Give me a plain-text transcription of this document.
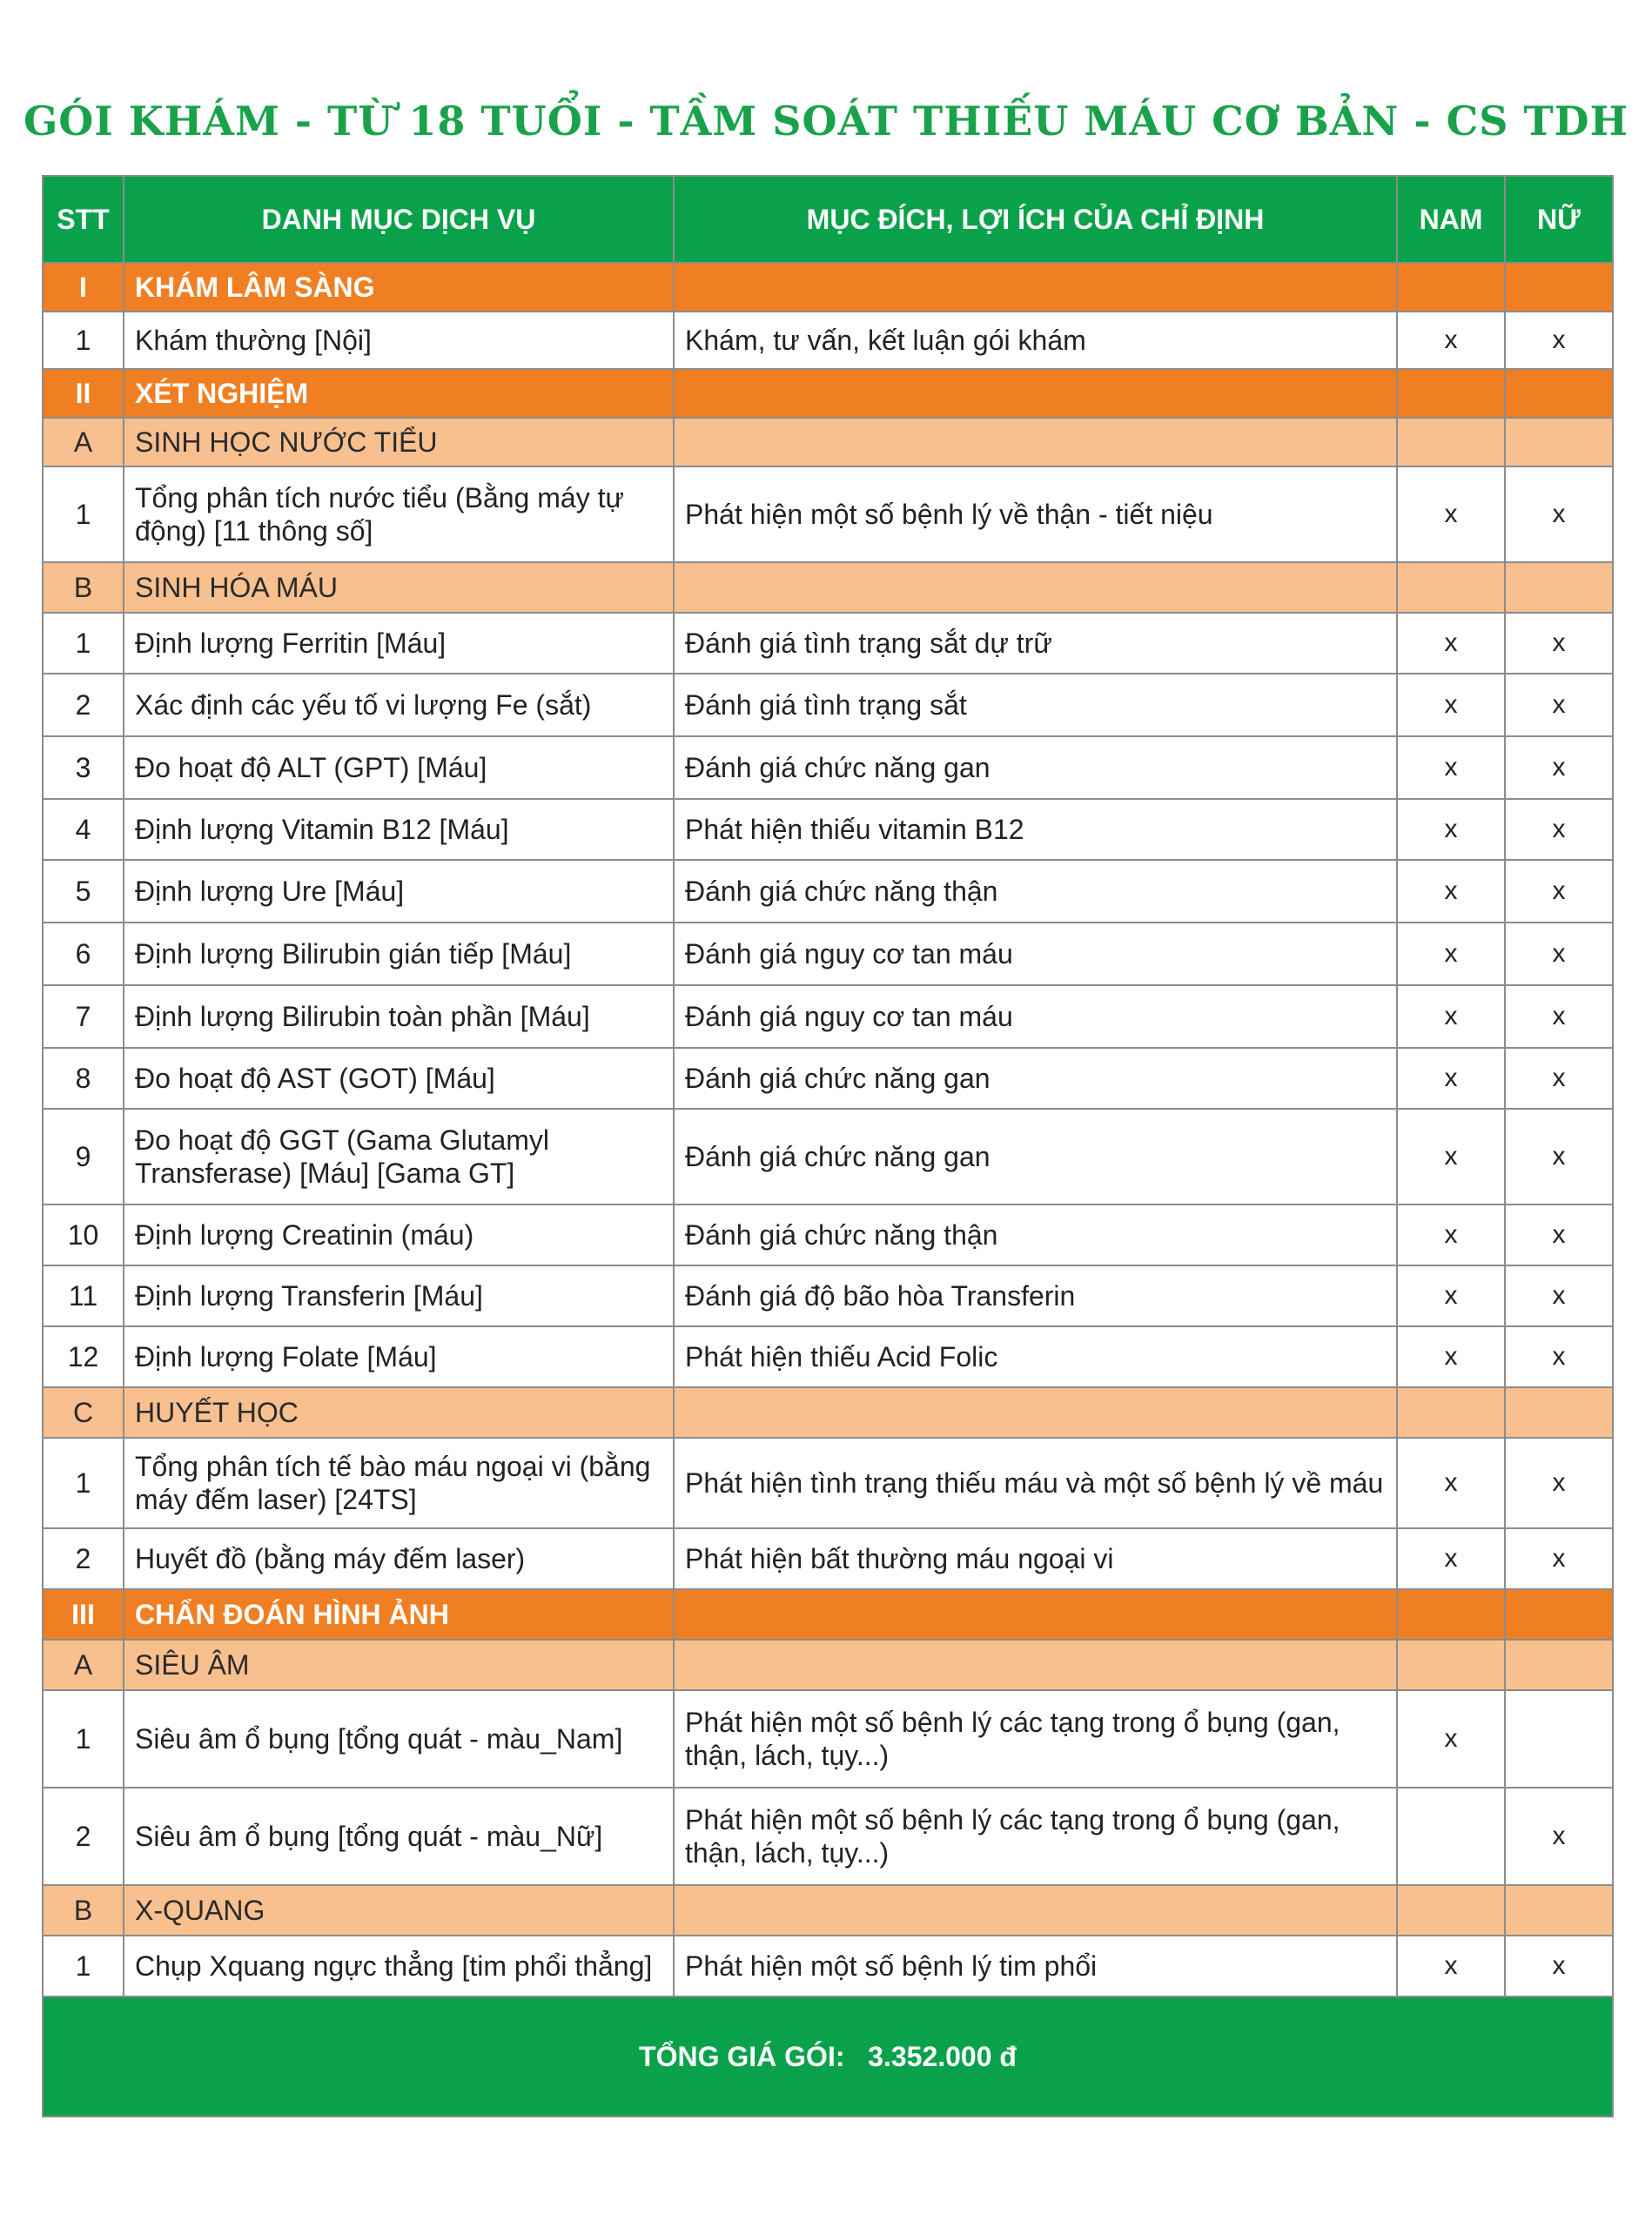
GÓI KHÁM - TỪ 18 TUỔI - TẦM SOÁT THIẾU MÁU CƠ BẢN - CS TDH
STT	DANH MỤC DỊCH VỤ	MỤC ĐÍCH, LỢI ÍCH CỦA CHỈ ĐỊNH	NAM	NỮ
I	KHÁM LÂM SÀNG			
1	Khám thường [Nội]	Khám, tư vấn, kết luận gói khám	x	x
II	XÉT NGHIỆM			
A	SINH HỌC NƯỚC TIỂU			
1	Tổng phân tích nước tiểu (Bằng máy tự động) [11 thông số]	Phát hiện một số bệnh lý về thận - tiết niệu	x	x
B	SINH HÓA MÁU			
1	Định lượng Ferritin [Máu]	Đánh giá tình trạng sắt dự trữ	x	x
2	Xác định các yếu tố vi lượng Fe (sắt)	Đánh giá tình trạng sắt	x	x
3	Đo hoạt độ ALT (GPT) [Máu]	Đánh giá chức năng gan	x	x
4	Định lượng Vitamin B12 [Máu]	Phát hiện thiếu vitamin B12	x	x
5	Định lượng Ure [Máu]	Đánh giá chức năng thận	x	x
6	Định lượng Bilirubin gián tiếp [Máu]	Đánh giá nguy cơ tan máu	x	x
7	Định lượng Bilirubin toàn phần [Máu]	Đánh giá nguy cơ tan máu	x	x
8	Đo hoạt độ AST (GOT) [Máu]	Đánh giá chức năng gan	x	x
9	Đo hoạt độ GGT (Gama Glutamyl Transferase) [Máu] [Gama GT]	Đánh giá chức năng gan	x	x
10	Định lượng Creatinin (máu)	Đánh giá chức năng thận	x	x
11	Định lượng Transferin [Máu]	Đánh giá độ bão hòa Transferin	x	x
12	Định lượng Folate [Máu]	Phát hiện thiếu Acid Folic	x	x
C	HUYẾT HỌC			
1	Tổng phân tích tế bào máu ngoại vi (bằng máy đếm laser) [24TS]	Phát hiện tình trạng thiếu máu và một số bệnh lý về máu	x	x
2	Huyết đồ (bằng máy đếm laser)	Phát hiện bất thường máu ngoại vi	x	x
III	CHẨN ĐOÁN HÌNH ẢNH			
A	SIÊU ÂM			
1	Siêu âm ổ bụng [tổng quát - màu_Nam]	Phát hiện một số bệnh lý các tạng trong ổ bụng (gan, thận, lách, tụy...)	x	
2	Siêu âm ổ bụng [tổng quát - màu_Nữ]	Phát hiện một số bệnh lý các tạng trong ổ bụng (gan, thận, lách, tụy...)		x
B	X-QUANG			
1	Chụp Xquang ngực thẳng [tim phổi thẳng]	Phát hiện một số bệnh lý tim phổi	x	x
TỔNG GIÁ GÓI: 3.352.000 đ				
